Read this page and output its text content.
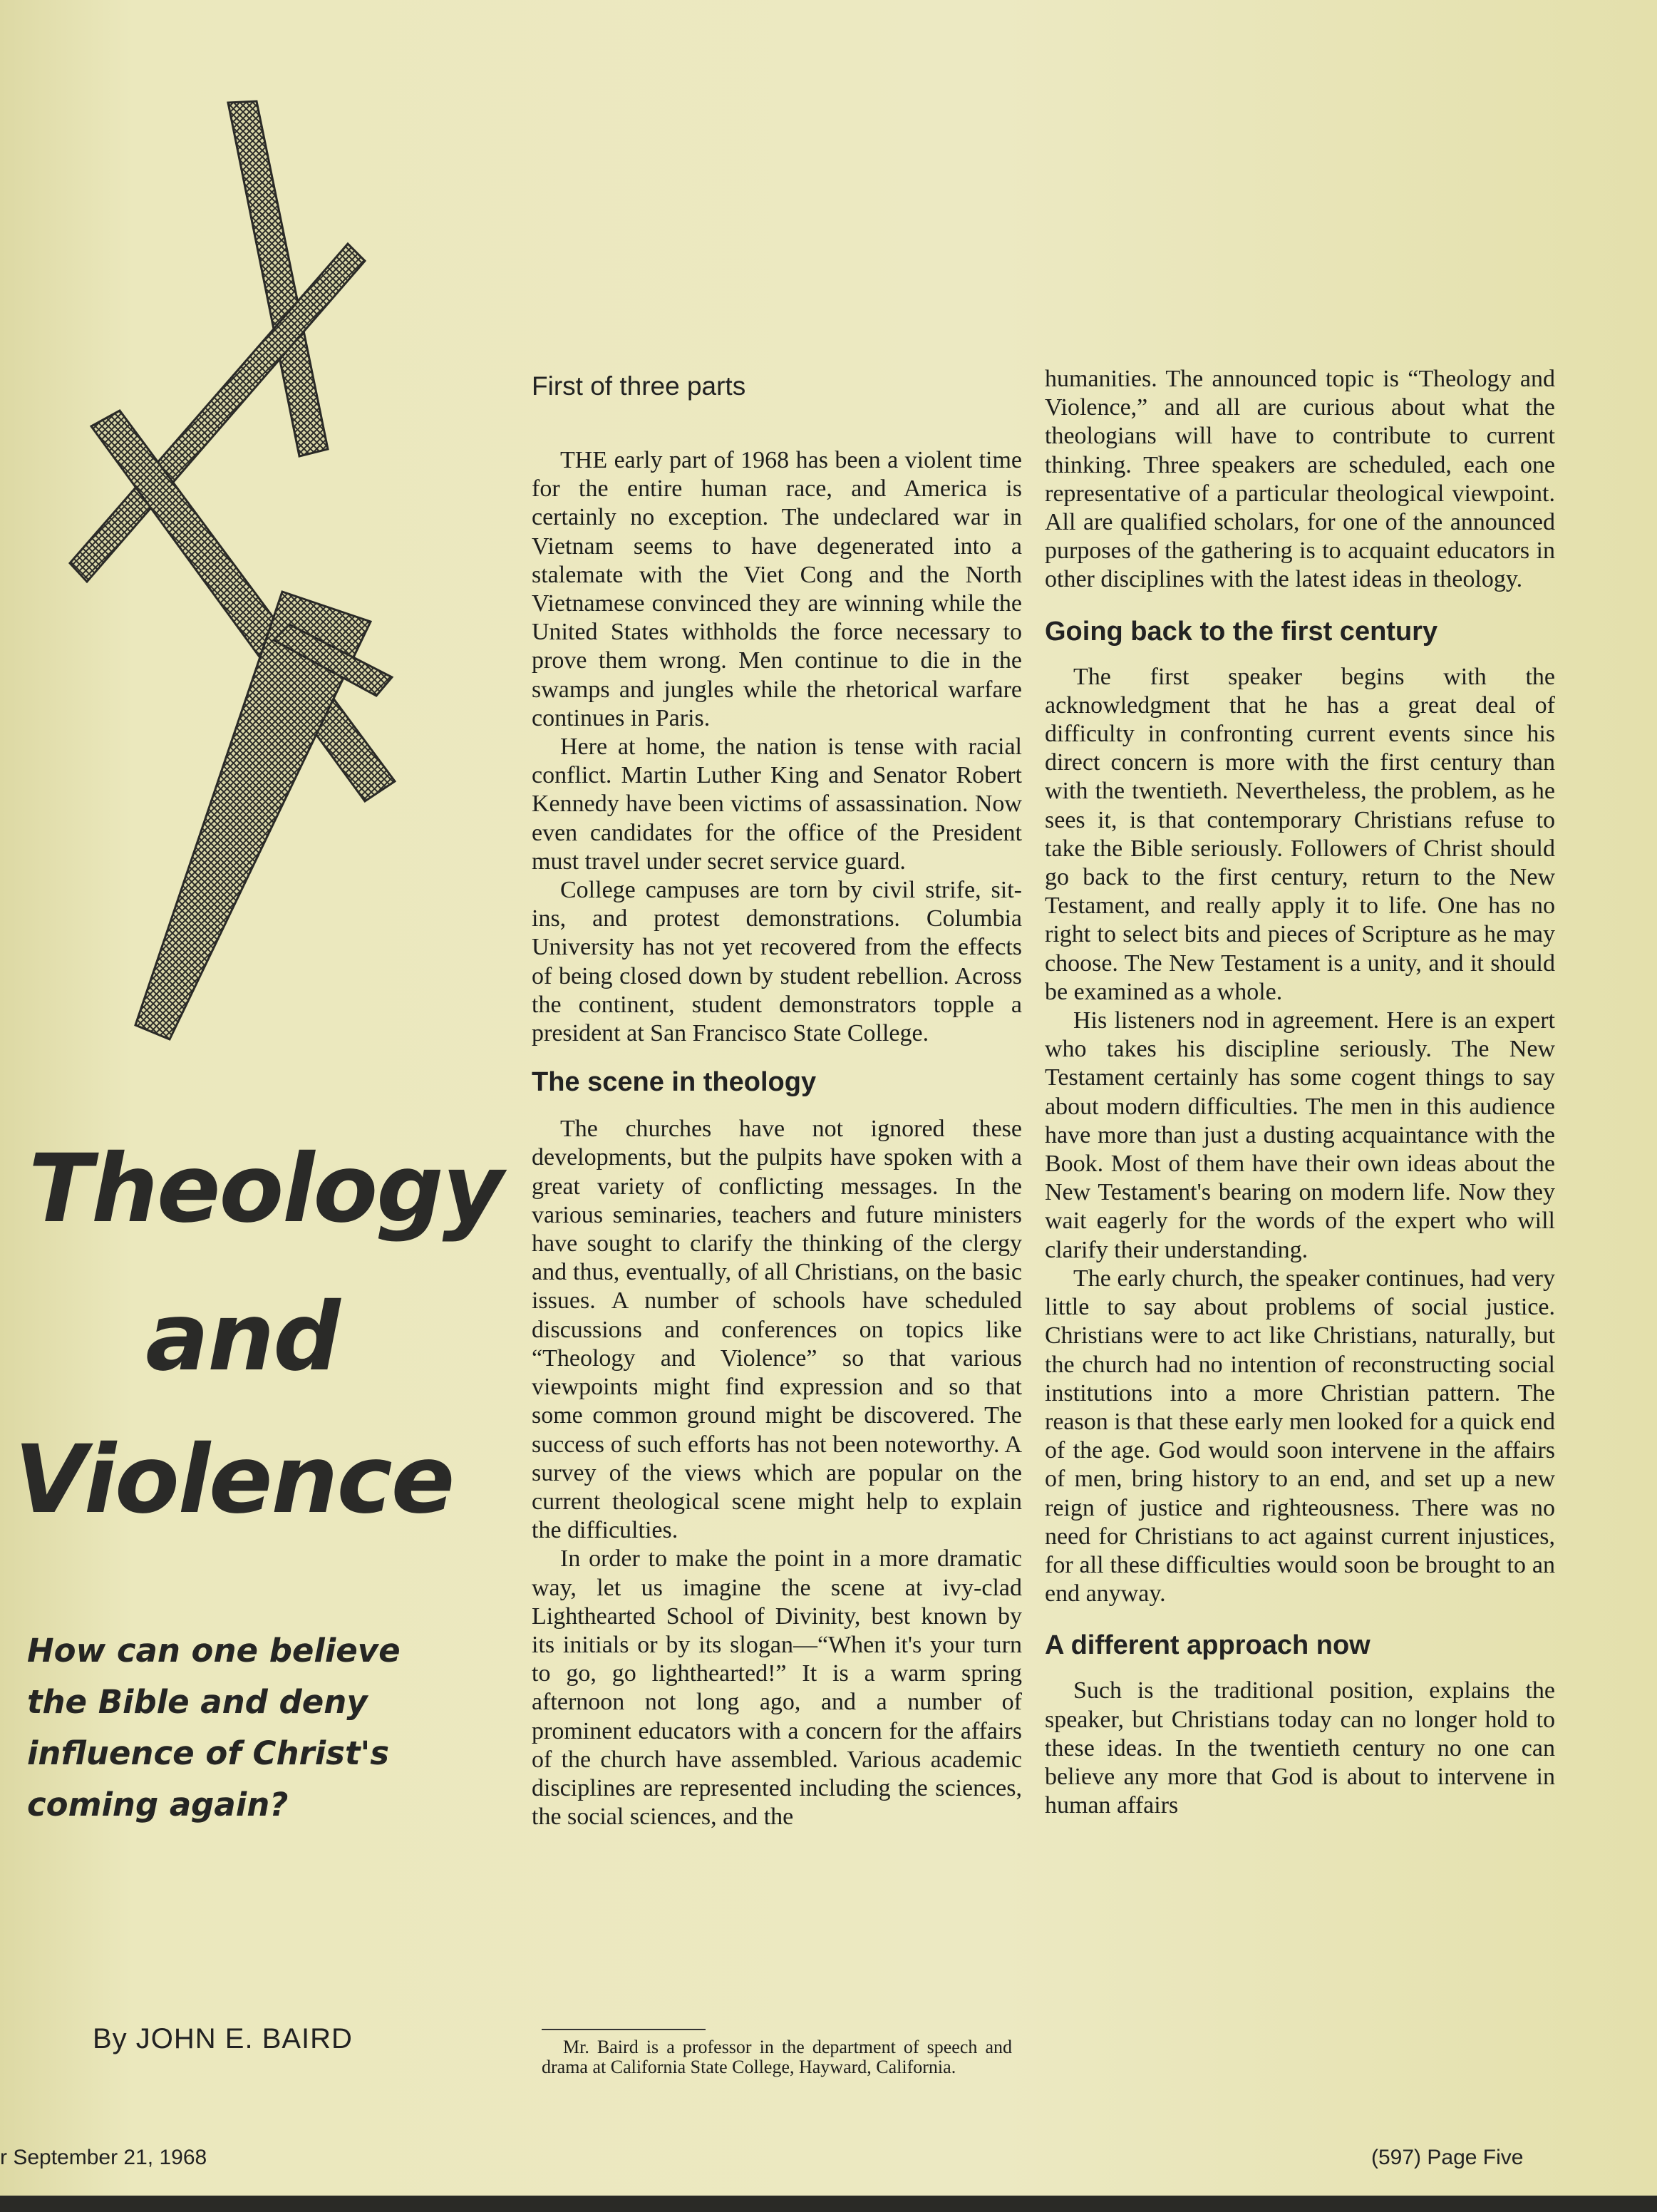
Theology
and
Violence
How can one believe the Bible and deny influence of Christ's coming again?
By JOHN E. BAIRD
First of three parts

THE early part of 1968 has been a violent time for the entire human race, and America is certainly no exception. The undeclared war in Vietnam seems to have degenerated into a stalemate with the Viet Cong and the North Vietnamese convinced they are winning while the United States withholds the force necessary to prove them wrong. Men continue to die in the swamps and jungles while the rhetorical warfare continues in Paris.

Here at home, the nation is tense with racial conflict. Martin Luther King and Senator Robert Kennedy have been victims of assassination. Now even candidates for the office of the President must travel under secret service guard.

College campuses are torn by civil strife, sit-ins, and protest demonstrations. Columbia University has not yet recovered from the effects of being closed down by student rebellion. Across the continent, student demonstrators topple a president at San Francisco State College.

The scene in theology

The churches have not ignored these developments, but the pulpits have spoken with a great variety of conflicting messages. In the various seminaries, teachers and future ministers have sought to clarify the thinking of the clergy and thus, eventually, of all Christians, on the basic issues. A number of schools have scheduled discussions and conferences on topics like “Theology and Violence” so that various viewpoints might find expression and so that some common ground might be discovered. The success of such efforts has not been noteworthy. A survey of the views which are popular on the current theological scene might help to explain the difficulties.

In order to make the point in a more dramatic way, let us imagine the scene at ivy-clad Lighthearted School of Divinity, best known by its initials or by its slogan—“When it's your turn to go, go lighthearted!” It is a warm spring afternoon not long ago, and a number of prominent educators with a concern for the affairs of the church have assembled. Various academic disciplines are represented including the sciences, the social sciences, and the

humanities. The announced topic is “Theology and Violence,” and all are curious about what the theologians will have to contribute to current thinking. Three speakers are scheduled, each one representative of a particular theological viewpoint. All are qualified scholars, for one of the announced purposes of the gathering is to acquaint educators in other disciplines with the latest ideas in theology.

Going back to the first century

The first speaker begins with the acknowledgment that he has a great deal of difficulty in confronting current events since his direct concern is more with the first century than with the twentieth. Nevertheless, the problem, as he sees it, is that contemporary Christians refuse to take the Bible seriously. Followers of Christ should go back to the first century, return to the New Testament, and really apply it to life. One has no right to select bits and pieces of Scripture as he may choose. The New Testament is a unity, and it should be examined as a whole.

His listeners nod in agreement. Here is an expert who takes his discipline seriously. The New Testament certainly has some cogent things to say about modern difficulties. The men in this audience have more than just a dusting acquaintance with the Book. Most of them have their own ideas about the New Testament's bearing on modern life. Now they wait eagerly for the words of the expert who will clarify their understanding.

The early church, the speaker continues, had very little to say about problems of social justice. Christians were to act like Christians, naturally, but the church had no intention of reconstructing social institutions into a more Christian pattern. The reason is that these early men looked for a quick end of the age. God would soon intervene in the affairs of men, bring history to an end, and set up a new reign of justice and righteousness. There was no need for Christians to act against current injustices, for all these difficulties would soon be brought to an end anyway.

A different approach now

Such is the traditional position, explains the speaker, but Christians today can no longer hold to these ideas. In the twentieth century no one can believe any more that God is about to intervene in human affairs

Mr. Baird is a professor in the department of speech and drama at California State College, Hayward, California.
r September 21, 1968	(597) Page Five
